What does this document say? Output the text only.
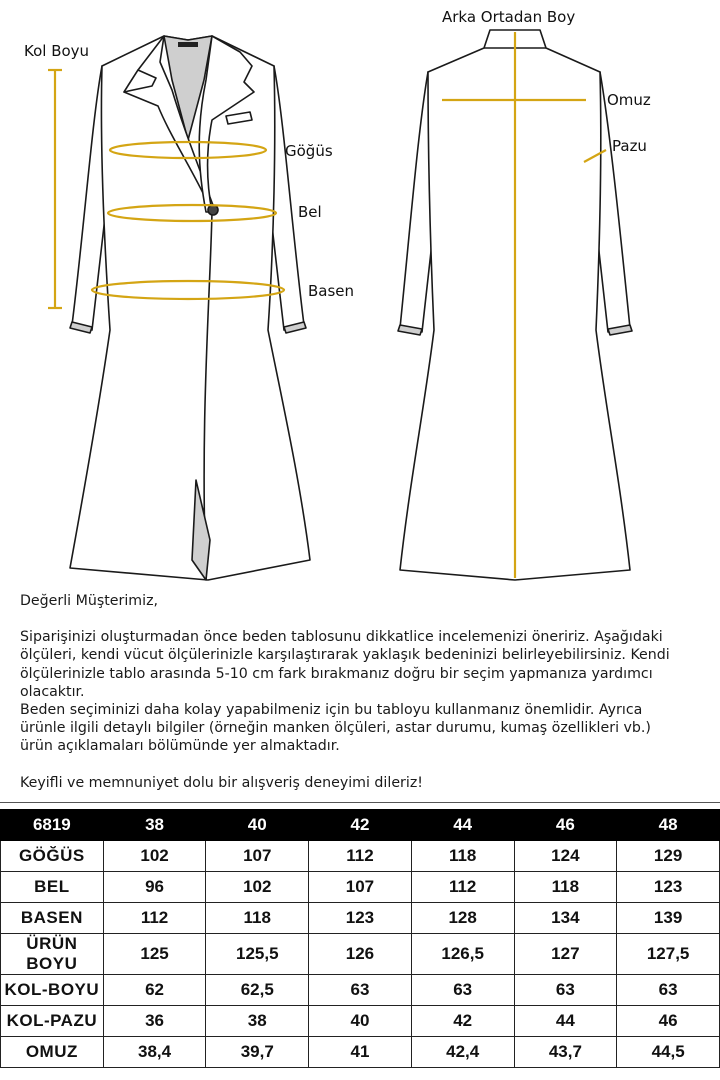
Kol Boyu
Göğüs
Bel
Basen
Arka Ortadan Boy
Omuz
Pazu

Değerli Müşterimiz,

Siparişinizi oluşturmadan önce beden tablosunu dikkatlice incelemenizi öneririz. Aşağıdaki

ölçüleri, kendi vücut ölçülerinizle karşılaştırarak yaklaşık bedeninizi belirleyebilirsiniz. Kendi

ölçülerinizle tablo arasında 5-10 cm fark bırakmanız doğru bir seçim yapmanıza yardımcı

olacaktır.

Beden seçiminizi daha kolay yapabilmeniz için bu tabloyu kullanmanız önemlidir. Ayrıca

ürünle ilgili detaylı bilgiler (örneğin manken ölçüleri, astar durumu, kumaş özellikleri vb.)

ürün açıklamaları bölümünde yer almaktadır.

Keyifli ve memnuniyet dolu bir alışveriş deneyimi dileriz!

6819	38	40	42	44	46	48
GÖĞÜS	102	107	112	118	124	129
BEL	96	102	107	112	118	123
BASEN	112	118	123	128	134	139
ÜRÜN BOYU	125	125,5	126	126,5	127	127,5
KOL-BOYU	62	62,5	63	63	63	63
KOL-PAZU	36	38	40	42	44	46
OMUZ	38,4	39,7	41	42,4	43,7	44,5
